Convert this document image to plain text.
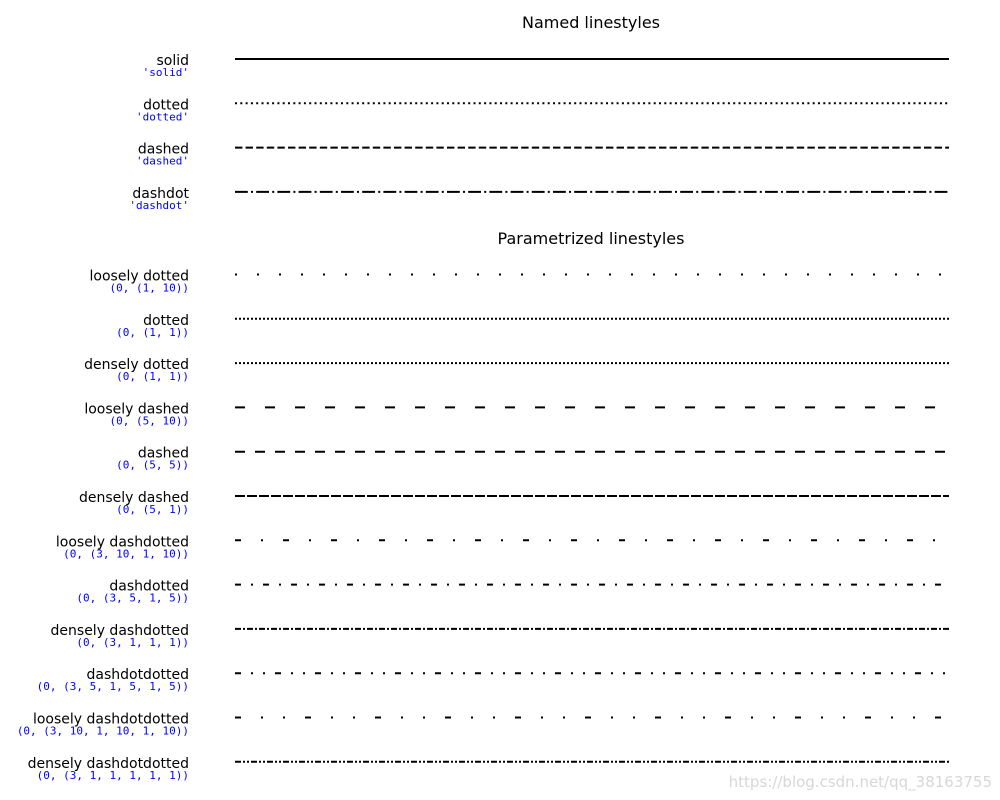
Named linestyles
solid
'solid'
dotted
'dotted'
dashed
'dashed'
dashdot
'dashdot'
Parametrized linestyles
loosely dotted
(0, (1, 10))
dotted
(0, (1, 1))
densely dotted
(0, (1, 1))
loosely dashed
(0, (5, 10))
dashed
(0, (5, 5))
densely dashed
(0, (5, 1))
loosely dashdotted
(0, (3, 10, 1, 10))
dashdotted
(0, (3, 5, 1, 5))
densely dashdotted
(0, (3, 1, 1, 1))
dashdotdotted
(0, (3, 5, 1, 5, 1, 5))
loosely dashdotdotted
(0, (3, 10, 1, 10, 1, 10))
densely dashdotdotted
(0, (3, 1, 1, 1, 1, 1))	https://blog.csdn.net/qq_38163755
